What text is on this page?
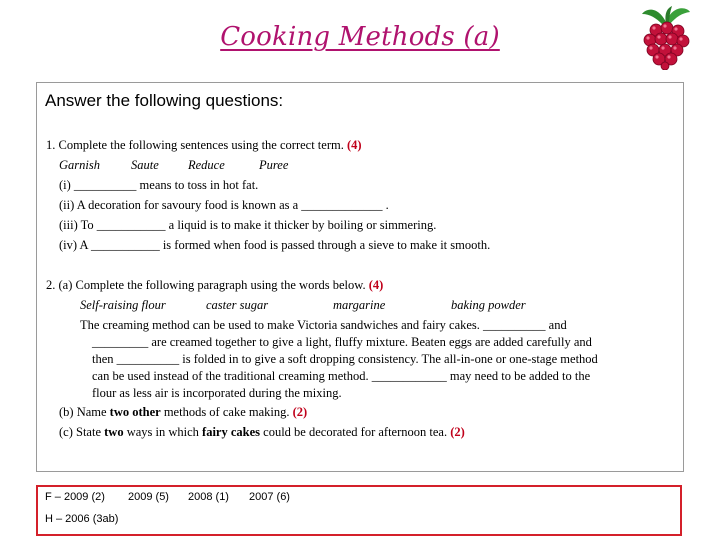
Cooking Methods (a)
Answer the following questions:
1. Complete the following sentences using the correct term. (4)
Garnish Saute Reduce	Puree
(i) __________ means to toss in hot fat.
(ii) A decoration for savoury food is known as a _____________ .
(iii) To ___________ a liquid is to make it thicker by boiling or simmering.
(iv) A ___________ is formed when food is passed through a sieve to make it smooth.
2. (a) Complete the following paragraph using the words below. (4)
Self-raising flour	caster sugar	margarine	baking powder
The creaming method can be used to make Victoria sandwiches and fairy cakes. __________ and
_________ are creamed together to give a light, fluffy mixture. Beaten eggs are added carefully and
then __________ is folded in to give a soft dropping consistency. The all-in-one or one-stage method
can be used instead of the traditional creaming method. ____________ may need to be added to the
flour as less air is incorporated during the mixing.
(b) Name two other methods of cake making. (2)
(c) State two ways in which fairy cakes could be decorated for afternoon tea. (2)
F – 2009 (2) 2009 (5) 2008 (1) 2007 (6)
H – 2006 (3ab)
